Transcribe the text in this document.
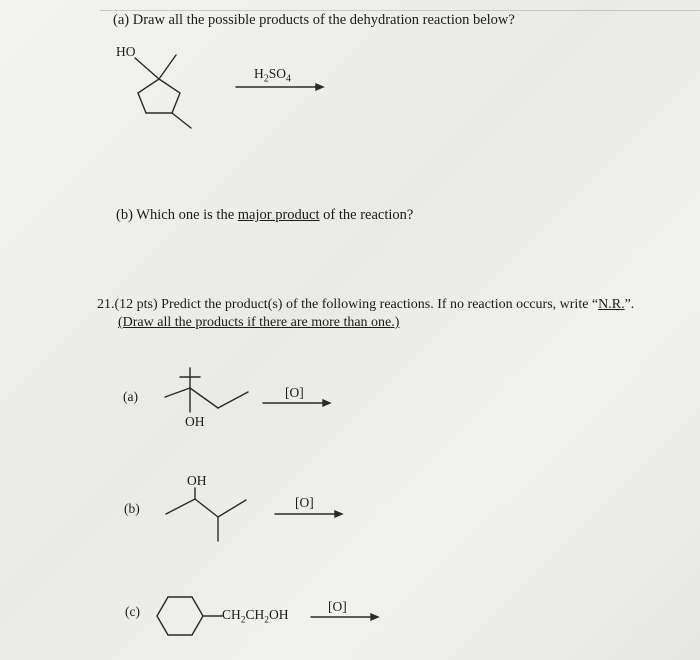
(a) Draw all the possible products of the dehydration reaction below?
HO
$H_2SO_4$
(b) Which one is the major product of the reaction?
21.(12 pts) Predict the product(s) of the following reactions. If no reaction occurs, write “N.R.”.
(Draw all the products if there are more than one.)
(a)
OH
[O]
OH
(b)	[O]
(c)	$CH_2CH_2OH$
[O]
